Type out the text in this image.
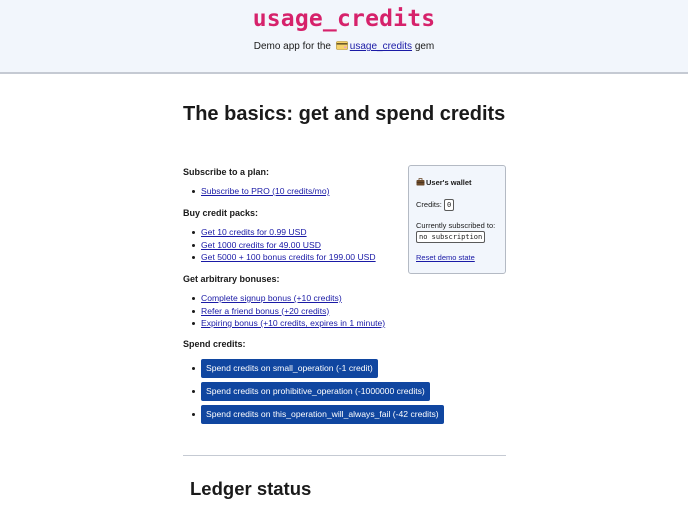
usage_credits
Demo app for the usage_credits gem
The basics: get and spend credits

Subscribe to a plan:

Subscribe to PRO (10 credits/mo)

Buy credit packs:

Get 10 credits for 0.99 USD
Get 1000 credits for 49.00 USD
Get 5000 + 100 bonus credits for 199.00 USD

Get arbitrary bonuses:

Complete signup bonus (+10 credits)
Refer a friend bonus (+20 credits)
Expiring bonus (+10 credits, expires in 1 minute)

Spend credits:

Spend credits on small_operation (-1 credit)
Spend credits on prohibitive_operation (-1000000 credits)
Spend credits on this_operation_will_always_fail (-42 credits)
User's wallet
Credits: 0
Currently subscribed to:
no subscription
Reset demo state
Ledger status
